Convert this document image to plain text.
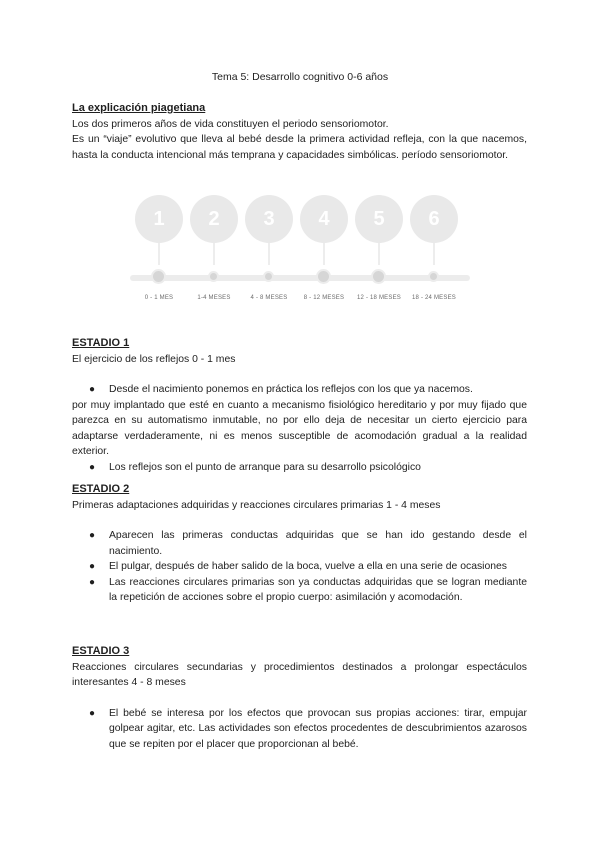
Tema 5: Desarrollo cognitivo 0-6 años
La explicación piagetiana
Los dos primeros años de vida constituyen el periodo sensoriomotor.
Es un “viaje” evolutivo que lleva al bebé desde la primera actividad refleja, con la que nacemos, hasta la conducta intencional más temprana y capacidades simbólicas. período sensoriomotor.
1	2	3	4	5	6
0 - 1 MES	1-4 MESES	4 - 8 MESES	8 - 12 MESES	12 - 18 MESES	18 - 24 MESES
ESTADIO 1
El ejercicio de los reflejos 0 - 1 mes
● Desde el nacimiento ponemos en práctica los reflejos con los que ya nacemos.
por muy implantado que esté en cuanto a mecanismo fisiológico hereditario y por muy fijado que parezca en su automatismo inmutable, no por ello deja de necesitar un cierto ejercicio para adaptarse verdaderamente, ni es menos susceptible de acomodación gradual a la realidad exterior.
● Los reflejos son el punto de arranque para su desarrollo psicológico
ESTADIO 2
Primeras adaptaciones adquiridas y reacciones circulares primarias 1 - 4 meses
● Aparecen las primeras conductas adquiridas que se han ido gestando desde el nacimiento.
● El pulgar, después de haber salido de la boca, vuelve a ella en una serie de ocasiones
● Las reacciones circulares primarias son ya conductas adquiridas que se logran mediante la repetición de acciones sobre el propio cuerpo: asimilación y acomodación.
ESTADIO 3
Reacciones circulares secundarias y procedimientos destinados a prolongar espectáculos interesantes 4 - 8 meses
● El bebé se interesa por los efectos que provocan sus propias acciones: tirar, empujar golpear agitar, etc. Las actividades son efectos procedentes de descubrimientos azarosos que se repiten por el placer que proporcionan al bebé.
